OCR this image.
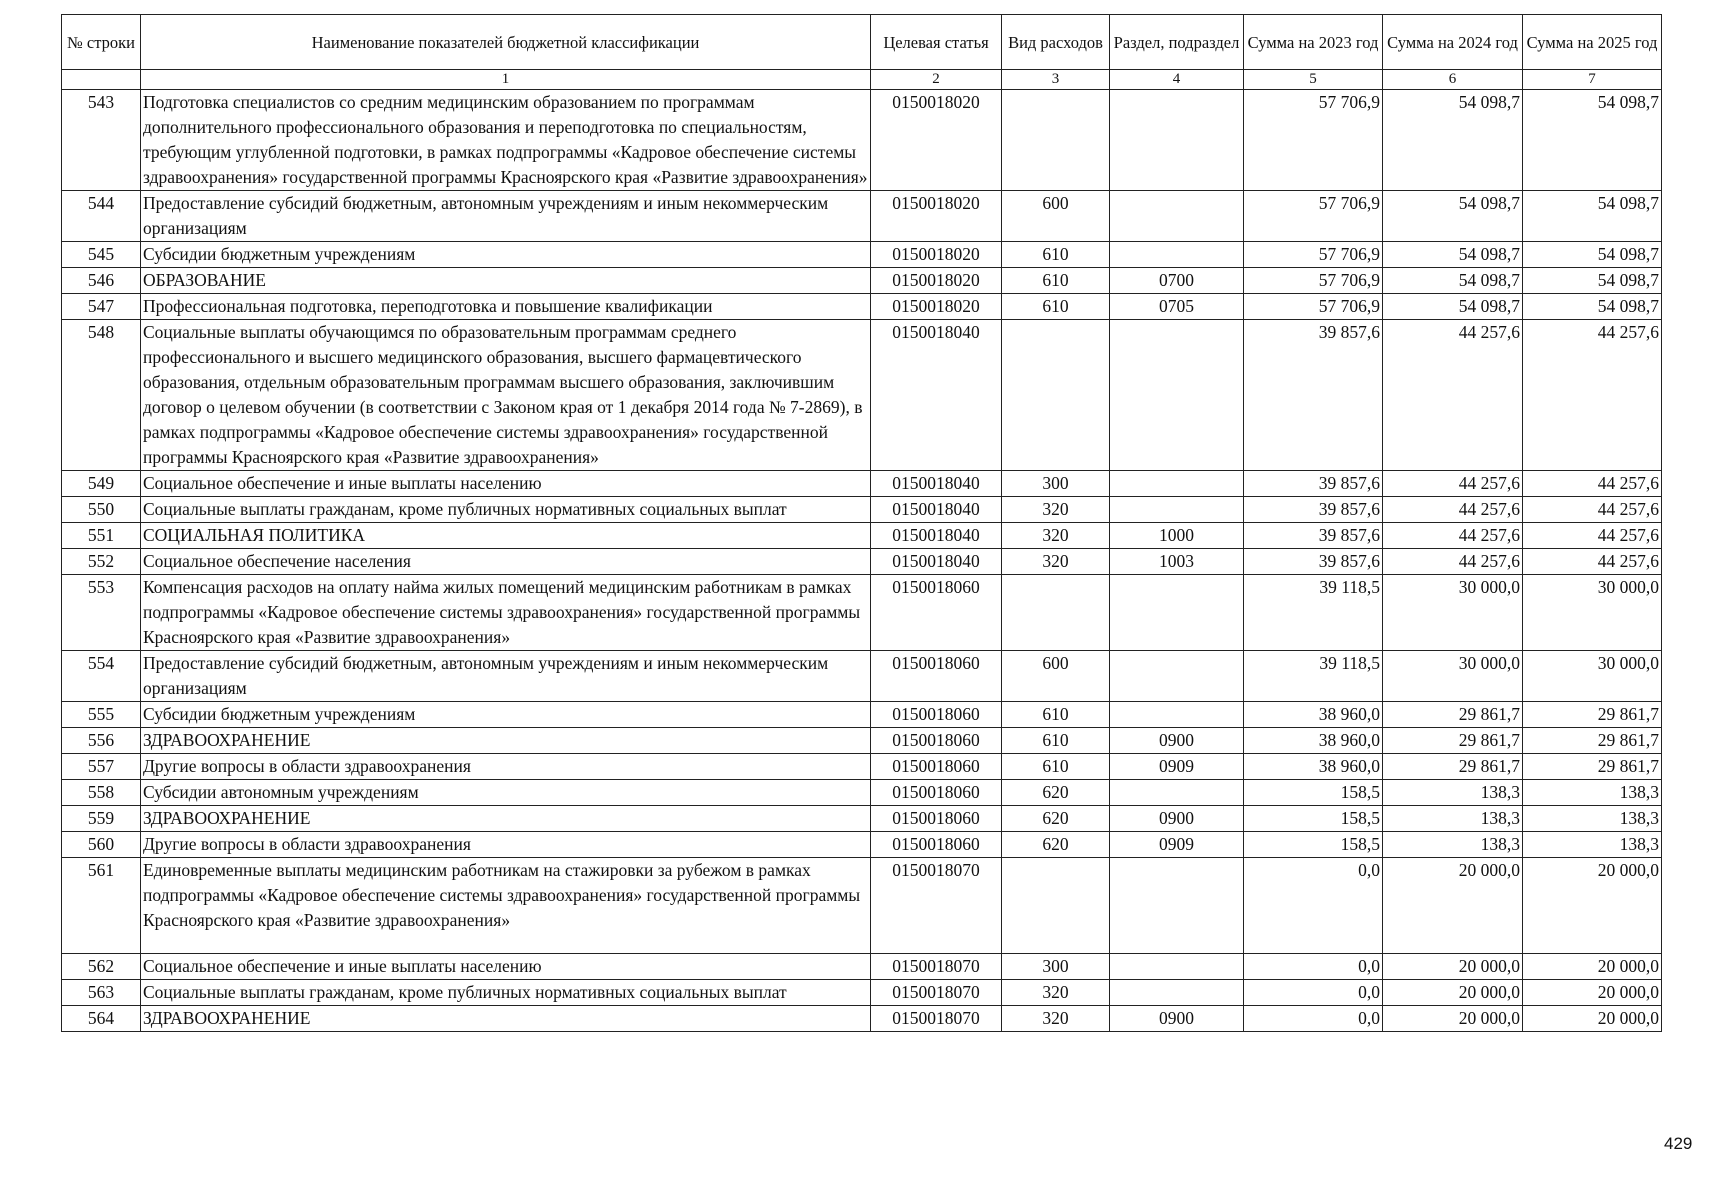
№ строки	Наименование показателей бюджетной классификации	Целевая статья	Вид расходов	Раздел, подраздел	Сумма на 2023 год	Сумма на 2024 год	Сумма на 2025 год
	1	2	3	4	5	6	7
543	Подготовка специалистов со средним медицинским образованием по программам дополнительного профессионального образования и переподготовка по специальностям, требующим углубленной подготовки, в рамках подпрограммы «Кадровое обеспечение системы здравоохранения» государственной программы Красноярского края «Развитие здравоохранения»	0150018020			57 706,9	54 098,7	54 098,7
544	Предоставление субсидий бюджетным, автономным учреждениям и иным некоммерческим организациям	0150018020	600		57 706,9	54 098,7	54 098,7
545	Субсидии бюджетным учреждениям	0150018020	610		57 706,9	54 098,7	54 098,7
546	ОБРАЗОВАНИЕ	0150018020	610	0700	57 706,9	54 098,7	54 098,7
547	Профессиональная подготовка, переподготовка и повышение квалификации	0150018020	610	0705	57 706,9	54 098,7	54 098,7
548	Социальные выплаты обучающимся по образовательным программам среднего профессионального и высшего медицинского образования, высшего фармацевтического образования, отдельным образовательным программам высшего образования, заключившим договор о целевом обучении (в соответствии с Законом края от 1 декабря 2014 года № 7-2869), в рамках подпрограммы «Кадровое обеспечение системы здравоохранения» государственной программы Красноярского края «Развитие здравоохранения»	0150018040			39 857,6	44 257,6	44 257,6
549	Социальное обеспечение и иные выплаты населению	0150018040	300		39 857,6	44 257,6	44 257,6
550	Социальные выплаты гражданам, кроме публичных нормативных социальных выплат	0150018040	320		39 857,6	44 257,6	44 257,6
551	СОЦИАЛЬНАЯ ПОЛИТИКА	0150018040	320	1000	39 857,6	44 257,6	44 257,6
552	Социальное обеспечение населения	0150018040	320	1003	39 857,6	44 257,6	44 257,6
553	Компенсация расходов на оплату найма жилых помещений медицинским работникам в рамках подпрограммы «Кадровое обеспечение системы здравоохранения» государственной программы Красноярского края «Развитие здравоохранения»	0150018060			39 118,5	30 000,0	30 000,0
554	Предоставление субсидий бюджетным, автономным учреждениям и иным некоммерческим организациям	0150018060	600		39 118,5	30 000,0	30 000,0
555	Субсидии бюджетным учреждениям	0150018060	610		38 960,0	29 861,7	29 861,7
556	ЗДРАВООХРАНЕНИЕ	0150018060	610	0900	38 960,0	29 861,7	29 861,7
557	Другие вопросы в области здравоохранения	0150018060	610	0909	38 960,0	29 861,7	29 861,7
558	Субсидии автономным учреждениям	0150018060	620		158,5	138,3	138,3
559	ЗДРАВООХРАНЕНИЕ	0150018060	620	0900	158,5	138,3	138,3
560	Другие вопросы в области здравоохранения	0150018060	620	0909	158,5	138,3	138,3
561	Единовременные выплаты медицинским работникам на стажировки за рубежом в рамках подпрограммы «Кадровое обеспечение системы здравоохранения» государственной программы Красноярского края «Развитие здравоохранения»	0150018070			0,0	20 000,0	20 000,0
562	Социальное обеспечение и иные выплаты населению	0150018070	300		0,0	20 000,0	20 000,0
563	Социальные выплаты гражданам, кроме публичных нормативных социальных выплат	0150018070	320		0,0	20 000,0	20 000,0
564	ЗДРАВООХРАНЕНИЕ	0150018070	320	0900	0,0	20 000,0	20 000,0
429
